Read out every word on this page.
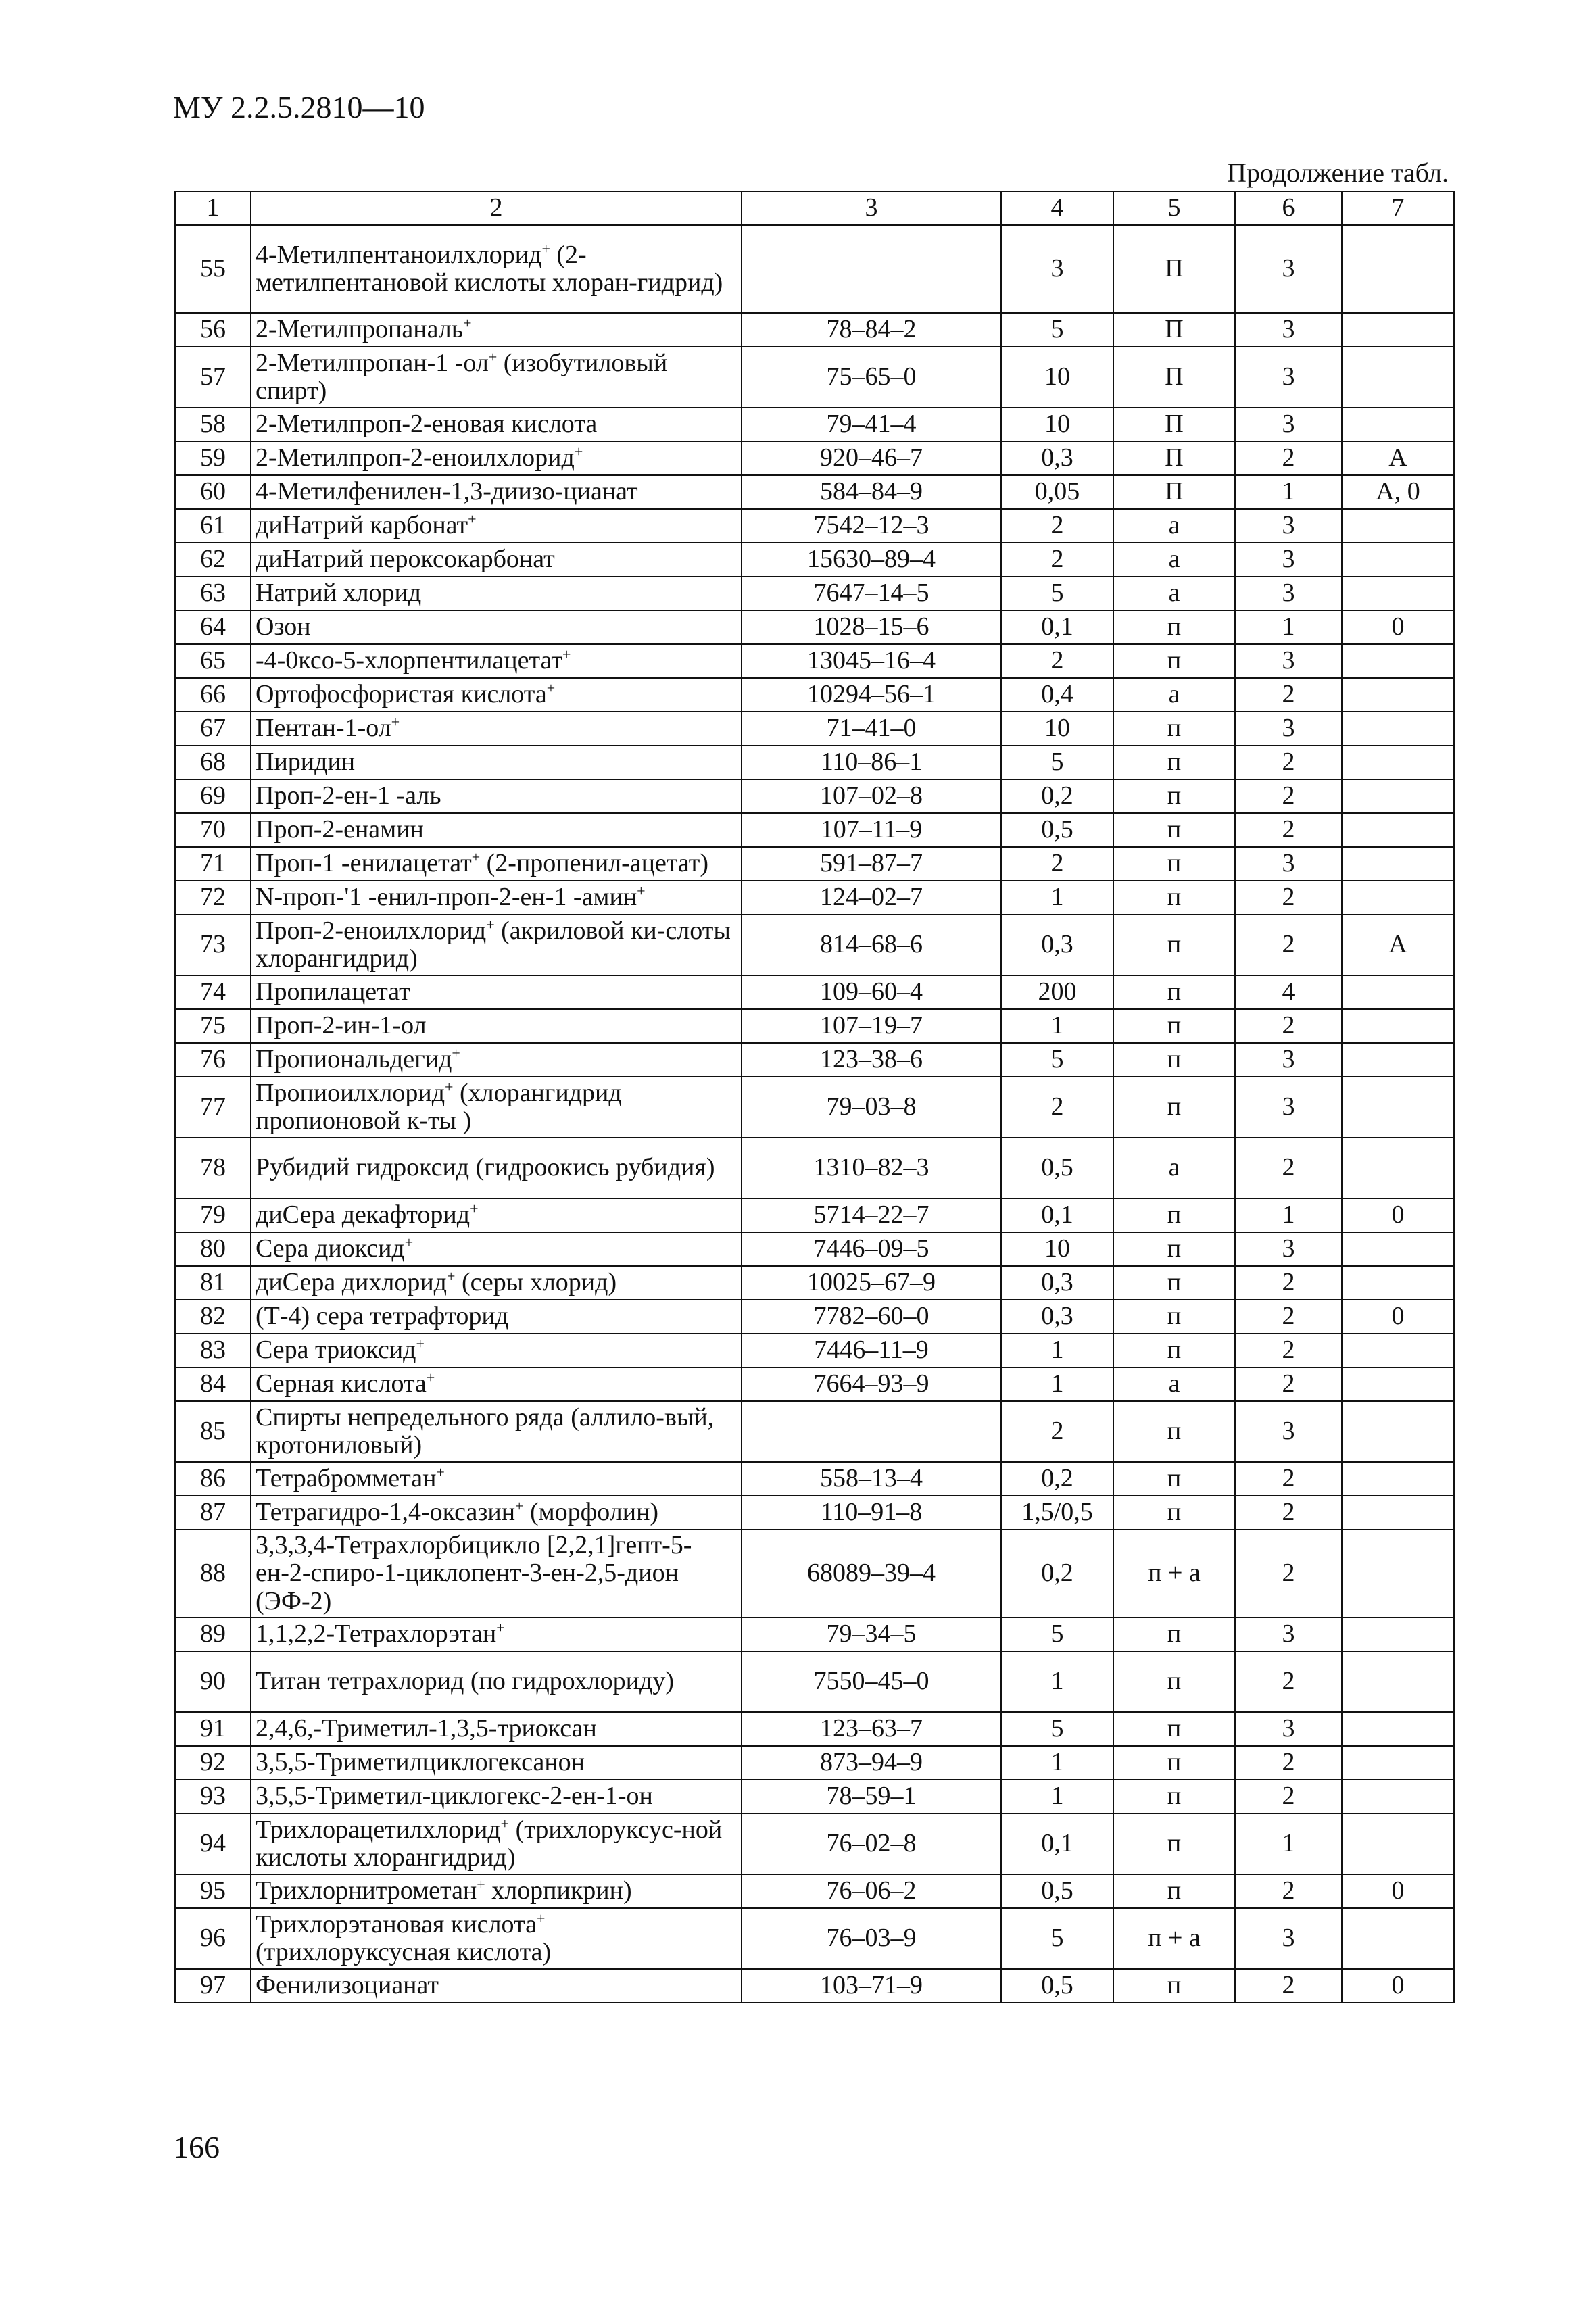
МУ 2.2.5.2810—10
Продолжение табл.
1	2	3	4	5	6	7
55	4-Метилпентаноилхлорид+ (2-метилпентановой кислоты хлоран-гидрид)		3	П	3	
56	2-Метилпропаналь+	78–84–2	5	П	3	
57	2-Метилпропан-1 -ол+ (изобутиловый спирт)	75–65–0	10	П	3	
58	2-Метилпроп-2-еновая кислота	79–41–4	10	П	3	
59	2-Метилпроп-2-еноилхлорид+	920–46–7	0,3	П	2	А
60	4-Метилфенилен-1,3-диизо-цианат	584–84–9	0,05	П	1	А, 0
61	диНатрий карбонат+	7542–12–3	2	а	3	
62	диНатрий пероксокарбонат	15630–89–4	2	а	3	
63	Натрий хлорид	7647–14–5	5	а	3	
64	Озон	1028–15–6	0,1	п	1	0
65	-4-0ксо-5-хлорпентилацетат+	13045–16–4	2	п	3	
66	Ортофосфористая кислота+	10294–56–1	0,4	а	2	
67	Пентан-1-ол+	71–41–0	10	п	3	
68	Пиридин	110–86–1	5	п	2	
69	Проп-2-ен-1 -аль	107–02–8	0,2	п	2	
70	Проп-2-енамин	107–11–9	0,5	п	2	
71	Проп-1 -енилацетат+ (2-пропенил-ацетат)	591–87–7	2	п	3	
72	N-проп-'1 -енил-проп-2-ен-1 -амин+	124–02–7	1	п	2	
73	Проп-2-еноилхлорид+ (акриловой ки-слоты хлорангидрид)	814–68–6	0,3	п	2	А
74	Пропилацетат	109–60–4	200	п	4	
75	Проп-2-ин-1-ол	107–19–7	1	п	2	
76	Пропиональдегид+	123–38–6	5	п	3	
77	Пропиоилхлорид+ (хлорангидрид пропионовой к-ты )	79–03–8	2	п	3	
78	Рубидий гидроксид (гидроокись рубидия)	1310–82–3	0,5	а	2	
79	диСера декафторид+	5714–22–7	0,1	п	1	0
80	Сера диоксид+	7446–09–5	10	п	3	
81	диСера дихлорид+ (серы хлорид)	10025–67–9	0,3	п	2	
82	(Т-4) сера тетрафторид	7782–60–0	0,3	п	2	0
83	Сера триоксид+	7446–11–9	1	п	2	
84	Серная кислота+	7664–93–9	1	а	2	
85	Спирты непредельного ряда (аллило-вый, кротониловый)		2	п	3	
86	Тетрабромметан+	558–13–4	0,2	п	2	
87	Тетрагидро-1,4-оксазин+ (морфолин)	110–91–8	1,5/0,5	п	2	
88	3,3,3,4-Тетрахлорбицикло [2,2,1]гепт-5-ен-2-спиро-1-циклопент-3-ен-2,5-дион (ЭФ-2)	68089–39–4	0,2	п + а	2	
89	1,1,2,2-Тетрахлорэтан+	79–34–5	5	п	3	
90	Титан тетрахлорид (по гидрохлориду)	7550–45–0	1	п	2	
91	2,4,6,-Триметил-1,3,5-триоксан	123–63–7	5	п	3	
92	3,5,5-Триметилциклогексанон	873–94–9	1	п	2	
93	3,5,5-Триметил-циклогекс-2-ен-1-он	78–59–1	1	п	2	
94	Трихлорацетилхлорид+ (трихлоруксус-ной кислоты хлорангидрид)	76–02–8	0,1	п	1	
95	Трихлорнитрометан+ хлорпикрин)	76–06–2	0,5	п	2	0
96	Трихлорэтановая кислота+ (трихлоруксусная кислота)	76–03–9	5	п + а	3	
97	Фенилизоцианат	103–71–9	0,5	п	2	0
166
